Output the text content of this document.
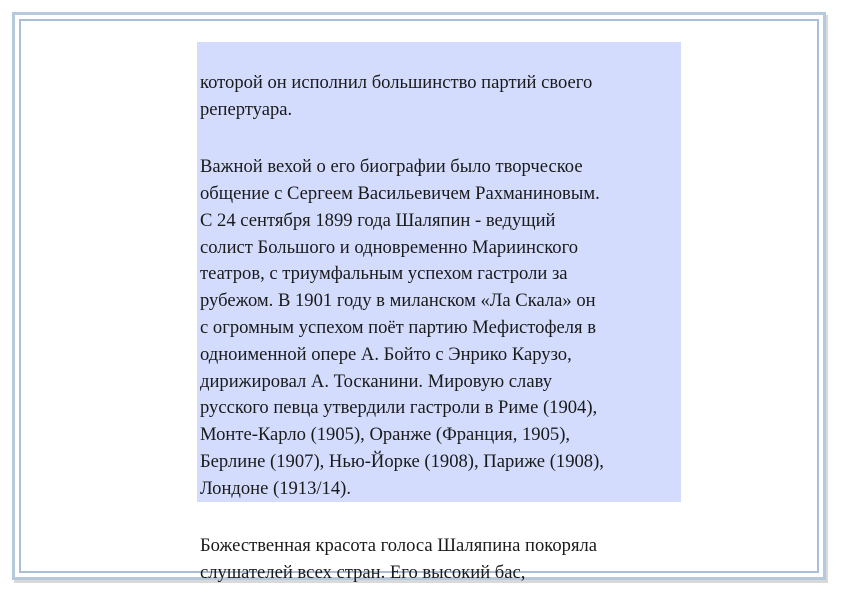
которой он исполнил большинство партий своего
репертуара.

Важной вехой о его биографии было творческое
общение с Сергеем Васильевичем Рахманиновым.
С 24 сентября 1899 года Шаляпин - ведущий
солист Большого и одновременно Мариинского
театров, с триумфальным успехом гастроли за
рубежом. В 1901 году в миланском «Ла Скала» он
с огромным успехом поёт партию Мефистофеля в
одноименной опере А. Бойто с Энрико Карузо,
дирижировал А. Тосканини. Мировую славу
русского певца утвердили гастроли в Риме (1904),
Монте-Карло (1905), Оранже (Франция, 1905),
Берлине (1907), Нью-Йорке (1908), Париже (1908),
Лондоне (1913/14).

Божественная красота голоса Шаляпина покоряла
слушателей всех стран. Его высокий бас,
